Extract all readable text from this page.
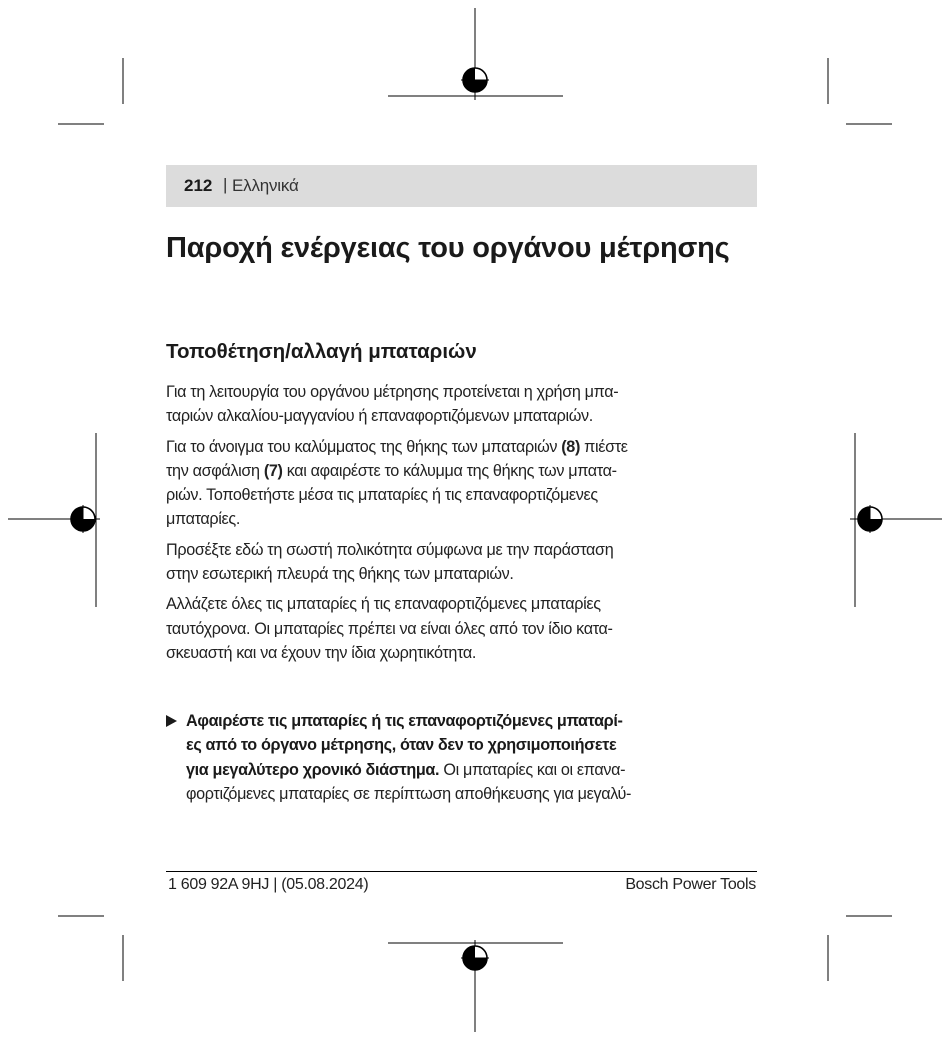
212 | Ελληνικά
Παροχή ενέργειας του οργάνου μέτρησης
Τοποθέτηση/αλλαγή μπαταριών

Για τη λειτουργία του οργάνου μέτρησης προτείνεται η χρήση μπα-
ταριών αλκαλίου-μαγγανίου ή επαναφορτιζόμενων μπαταριών.

Για το άνοιγμα του καλύμματος της θήκης των μπαταριών (8) πιέστε
την ασφάλιση (7) και αφαιρέστε το κάλυμμα της θήκης των μπατα-
ριών. Τοποθετήστε μέσα τις μπαταρίες ή τις επαναφορτιζόμενες
μπαταρίες.

Προσέξτε εδώ τη σωστή πολικότητα σύμφωνα με την παράσταση
στην εσωτερική πλευρά της θήκης των μπαταριών.

Αλλάζετε όλες τις μπαταρίες ή τις επαναφορτιζόμενες μπαταρίες
ταυτόχρονα. Οι μπαταρίες πρέπει να είναι όλες από τον ίδιο κατα-
σκευαστή και να έχουν την ίδια χωρητικότητα.

Αφαιρέστε τις μπαταρίες ή τις επαναφορτιζόμενες μπαταρί-
ες από το όργανο μέτρησης, όταν δεν το χρησιμοποιήσετε
για μεγαλύτερο χρονικό διάστημα. Οι μπαταρίες και οι επανα-
φορτιζόμενες μπαταρίες σε περίπτωση αποθήκευσης για μεγαλύ-
1 609 92A 9HJ | (05.08.2024)	Bosch Power Tools
